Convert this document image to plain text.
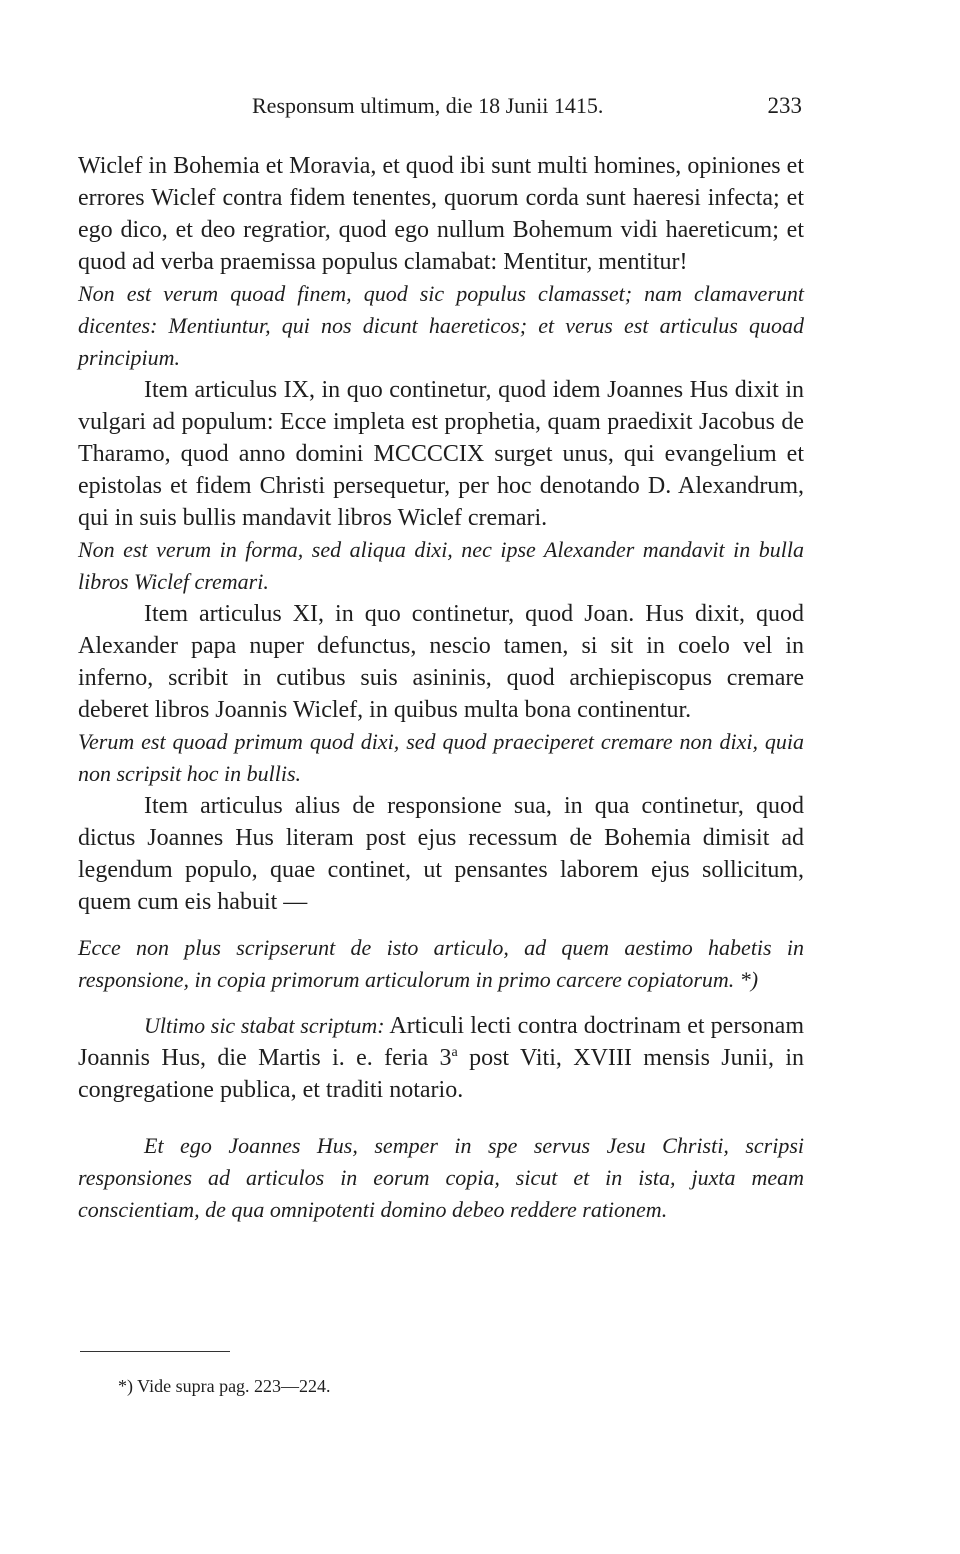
Responsum ultimum, die 18 Junii 1415.	233

Wiclef in Bohemia et Moravia, et quod ibi sunt multi homines, opiniones et errores Wiclef contra fidem tenentes, quorum corda sunt haeresi infecta; et ego dico, et deo regratior, quod ego nullum Bohemum vidi haereticum; et quod ad verba praemissa populus clamabat: Mentitur, mentitur!

Non est verum quoad finem, quod sic populus clamasset; nam clamaverunt dicentes: Mentiuntur, qui nos dicunt haereticos; et verus est articulus quoad principium.

Item articulus IX, in quo continetur, quod idem Joannes Hus dixit in vulgari ad populum: Ecce impleta est prophetia, quam praedixit Jacobus de Tharamo, quod anno domini MCCCCIX surget unus, qui evangelium et epistolas et fidem Christi persequetur, per hoc denotando D. Alexandrum, qui in suis bullis mandavit libros Wiclef cremari.

Non est verum in forma, sed aliqua dixi, nec ipse Alexander mandavit in bulla libros Wiclef cremari.

Item articulus XI, in quo continetur, quod Joan. Hus dixit, quod Alexander papa nuper defunctus, nescio tamen, si sit in coelo vel in inferno, scribit in cutibus suis asininis, quod archiepiscopus cremare deberet libros Joannis Wiclef, in quibus multa bona continentur.

Verum est quoad primum quod dixi, sed quod praeciperet cremare non dixi, quia non scripsit hoc in bullis.

Item articulus alius de responsione sua, in qua continetur, quod dictus Joannes Hus literam post ejus recessum de Bohemia dimisit ad legendum populo, quae continet, ut pensantes laborem ejus sollicitum, quem cum eis habuit —

Ecce non plus scripserunt de isto articulo, ad quem aestimo habetis in responsione, in copia primorum articulorum in primo carcere copiatorum. *)

Ultimo sic stabat scriptum: Articuli lecti contra doctrinam et personam Joannis Hus, die Martis i. e. feria 3$^a$ post Viti, XVIII mensis Junii, in congregatione publica, et traditi notario.

Et ego Joannes Hus, semper in spe servus Jesu Christi, scripsi responsiones ad articulos in eorum copia, sicut et in ista, juxta meam conscientiam, de qua omnipotenti domino debeo reddere rationem.

*) Vide supra pag. 223—224.
